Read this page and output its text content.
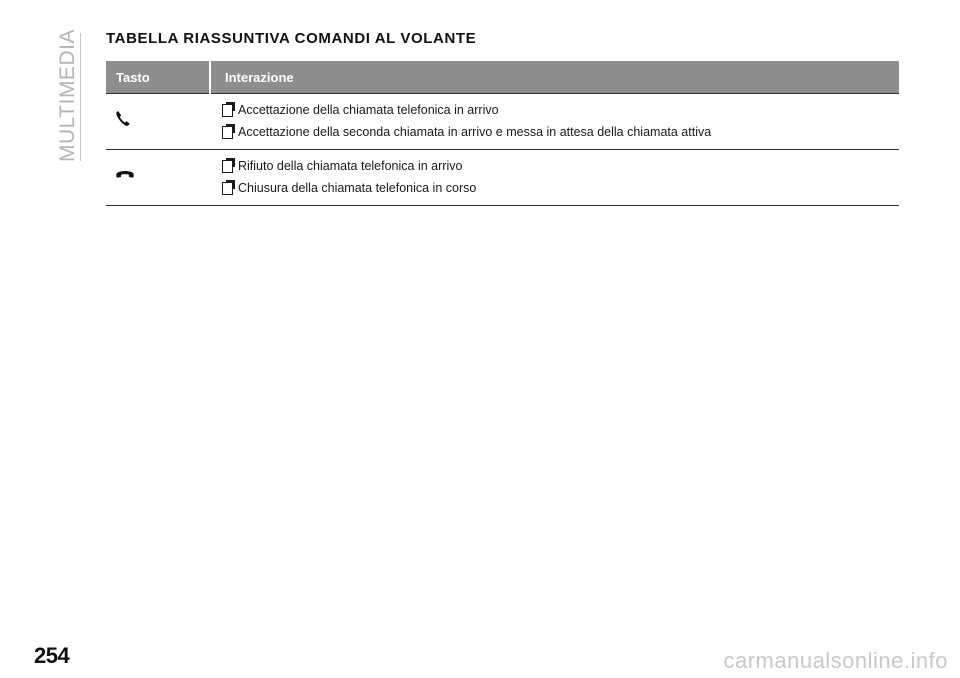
MULTIMEDIA TABELLA RIASSUNTIVA COMANDI AL VOLANTE
Tasto	Interazione

Accettazione della chiamata telefonica in arrivo
Accettazione della seconda chiamata in arrivo e messa in attesa della chiamata attiva

Rifiuto della chiamata telefonica in arrivo
Chiusura della chiamata telefonica in corso
254	carmanualsonline.info
